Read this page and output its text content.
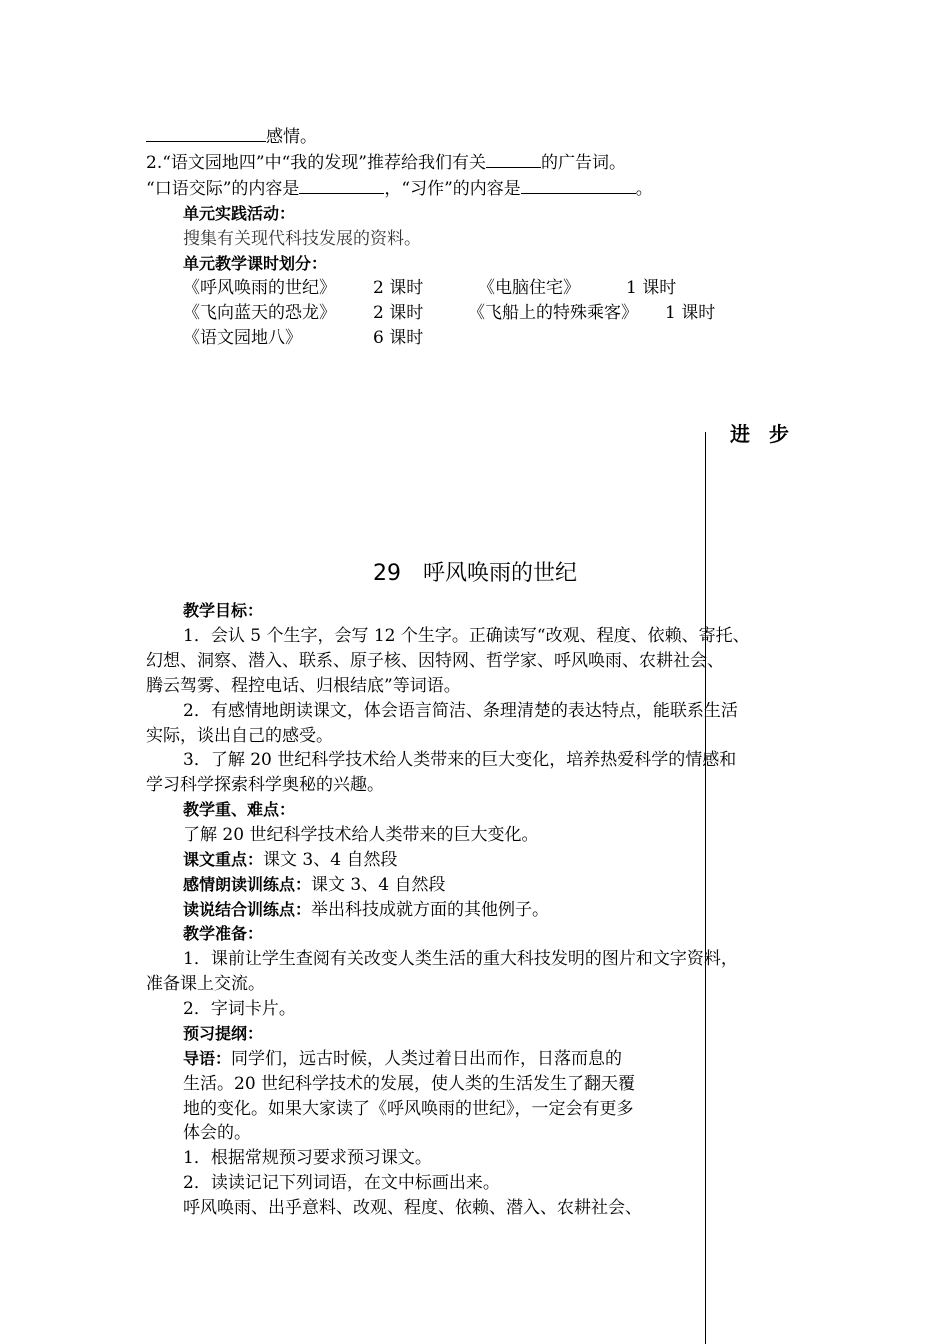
感情。
2.“语文园地四”中“我的发现”推荐给我们有关	的广告词。
“口语交际”的内容是	，“习作”的内容是	。
单元实践活动：
搜集有关现代科技发展的资料。
单元教学课时划分：
《呼风唤雨的世纪》 2 课时	《电脑住宅》	1 课时
《飞向蓝天的恐龙》 2 课时	《飞船上的特殊乘客》 1 课时
《语文园地八》	6 课时
进 步
29　呼风唤雨的世纪
教学目标：
1．会认 5 个生字，会写 12 个生字。正确读写“改观、程度、依赖、寄托、
幻想、洞察、潜入、联系、原子核、因特网、哲学家、呼风唤雨、农耕社会、
腾云驾雾、程控电话、归根结底”等词语。
2．有感情地朗读课文，体会语言简洁、条理清楚的表达特点，能联系生活
实际，谈出自己的感受。
3．了解 20 世纪科学技术给人类带来的巨大变化，培养热爱科学的情感和
学习科学探索科学奥秘的兴趣。
教学重、难点：
了解 20 世纪科学技术给人类带来的巨大变化。
课文重点：课文 3、4 自然段
感情朗读训练点：课文 3、4 自然段
读说结合训练点：举出科技成就方面的其他例子。
教学准备：
1．课前让学生查阅有关改变人类生活的重大科技发明的图片和文字资料，
准备课上交流。
2．字词卡片。
预习提纲：
导语：同学们，远古时候，人类过着日出而作，日落而息的
生活。20 世纪科学技术的发展，使人类的生活发生了翻天覆
地的变化。如果大家读了《呼风唤雨的世纪》，一定会有更多
体会的。
1．根据常规预习要求预习课文。
2．读读记记下列词语，在文中标画出来。
呼风唤雨、出乎意料、改观、程度、依赖、潜入、农耕社会、
